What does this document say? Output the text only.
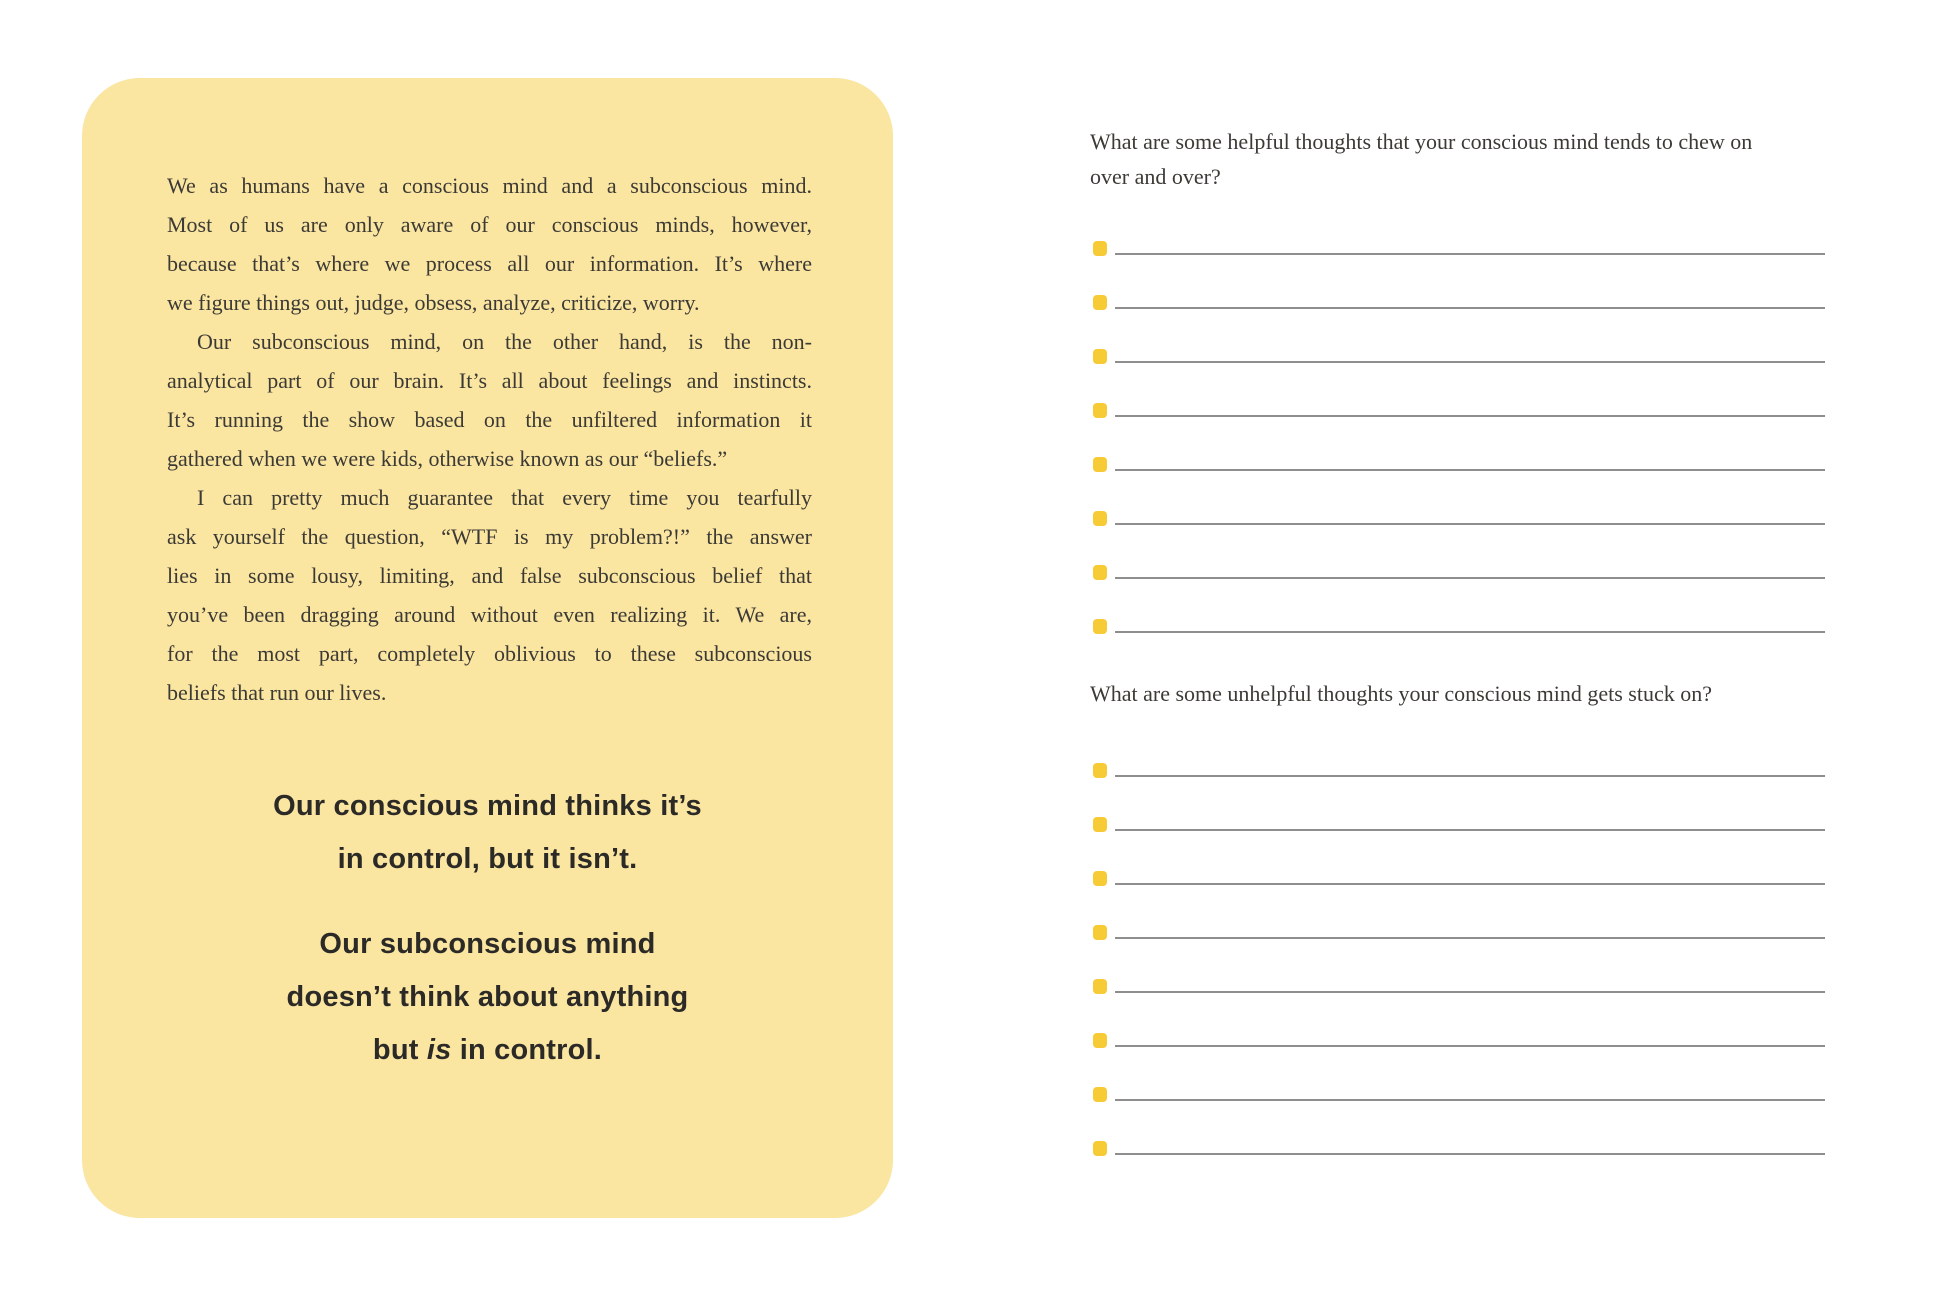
We as humans have a conscious mind and a subconscious mind.
Most of us are only aware of our conscious minds, however,
because that’s where we process all our information. It’s where
we figure things out, judge, obsess, analyze, criticize, worry.
Our subconscious mind, on the other hand, is the non-
analytical part of our brain. It’s all about feelings and instincts.
It’s running the show based on the unfiltered information it
gathered when we were kids, otherwise known as our “beliefs.”
I can pretty much guarantee that every time you tearfully
ask yourself the question, “WTF is my problem?!” the answer
lies in some lousy, limiting, and false subconscious belief that
you’ve been dragging around without even realizing it. We are,
for the most part, completely oblivious to these subconscious
beliefs that run our lives.
Our conscious mind thinks it’s
in control, but it isn’t.
Our subconscious mind
doesn’t think about anything
but is in control.
What are some helpful thoughts that your conscious mind tends to chew on
over and over?
What are some unhelpful thoughts your conscious mind gets stuck on?
